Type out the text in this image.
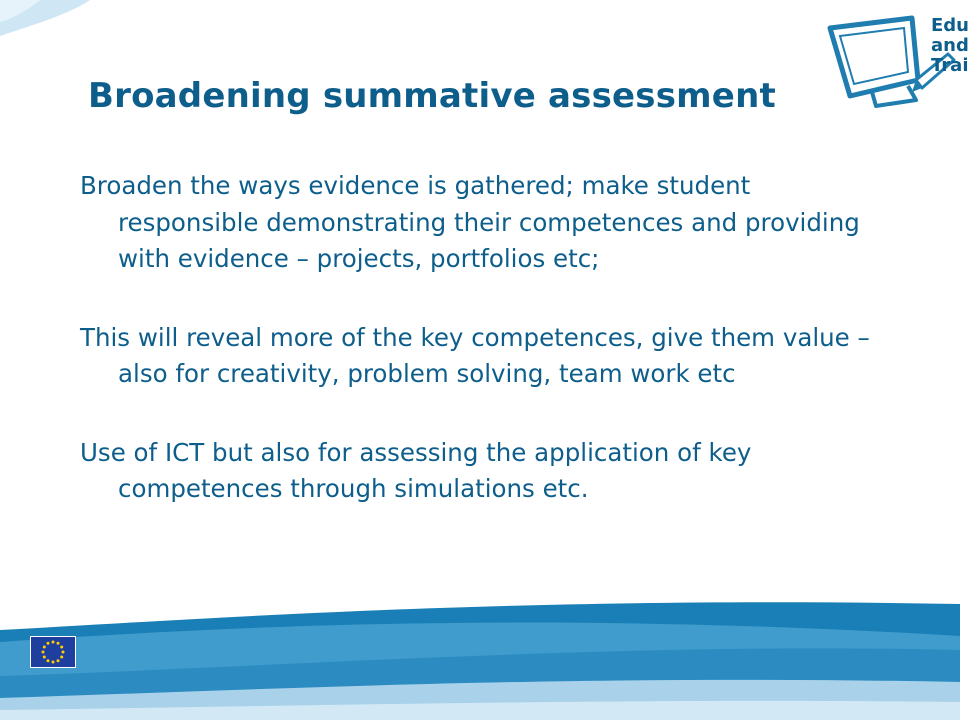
Edu
and
Trai
Broadening summative assessment

Broaden the ways evidence is gathered; make student responsible demonstrating their competences and providing with evidence – projects, portfolios etc;

This will reveal more of the key competences, give them value – also for creativity, problem solving, team work etc

Use of ICT but also for assessing the application of key competences through simulations etc.
